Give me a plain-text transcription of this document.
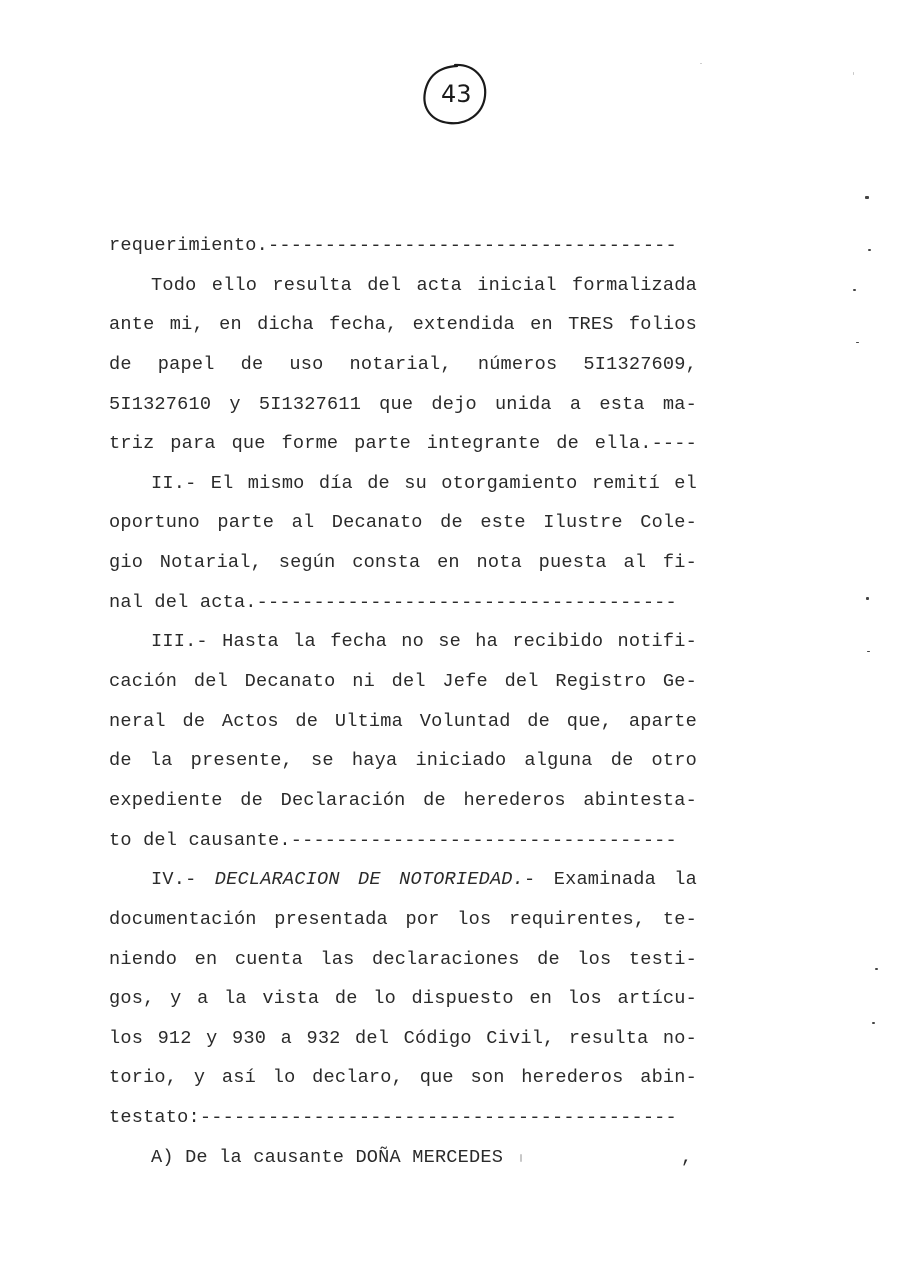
43
requerimiento.------------------------------------
Todo ello resulta del acta inicial formalizada
ante mi, en dicha fecha, extendida en TRES folios
de papel de uso notarial, números 5I1327609,
5I1327610 y 5I1327611 que dejo unida a esta ma-
triz para que forme parte integrante de ella.----
II.- El mismo día de su otorgamiento remití el
oportuno parte al Decanato de este Ilustre Cole-
gio Notarial, según consta en nota puesta al fi-
nal del acta.-------------------------------------
III.- Hasta la fecha no se ha recibido notifi-
cación del Decanato ni del Jefe del Registro Ge-
neral de Actos de Ultima Voluntad de que, aparte
de la presente, se haya iniciado alguna de otro
expediente de Declaración de herederos abintesta-
to del causante.----------------------------------
IV.- DECLARACION DE NOTORIEDAD.- Examinada la
documentación presentada por los requirentes, te-
niendo en cuenta las declaraciones de los testi-
gos, y a la vista de lo dispuesto en los artícu-
los 912 y 930 a 932 del Código Civil, resulta no-
torio, y así lo declaro, que son herederos abin-
testato:------------------------------------------
A) De la causante DOÑA MERCEDES	,
